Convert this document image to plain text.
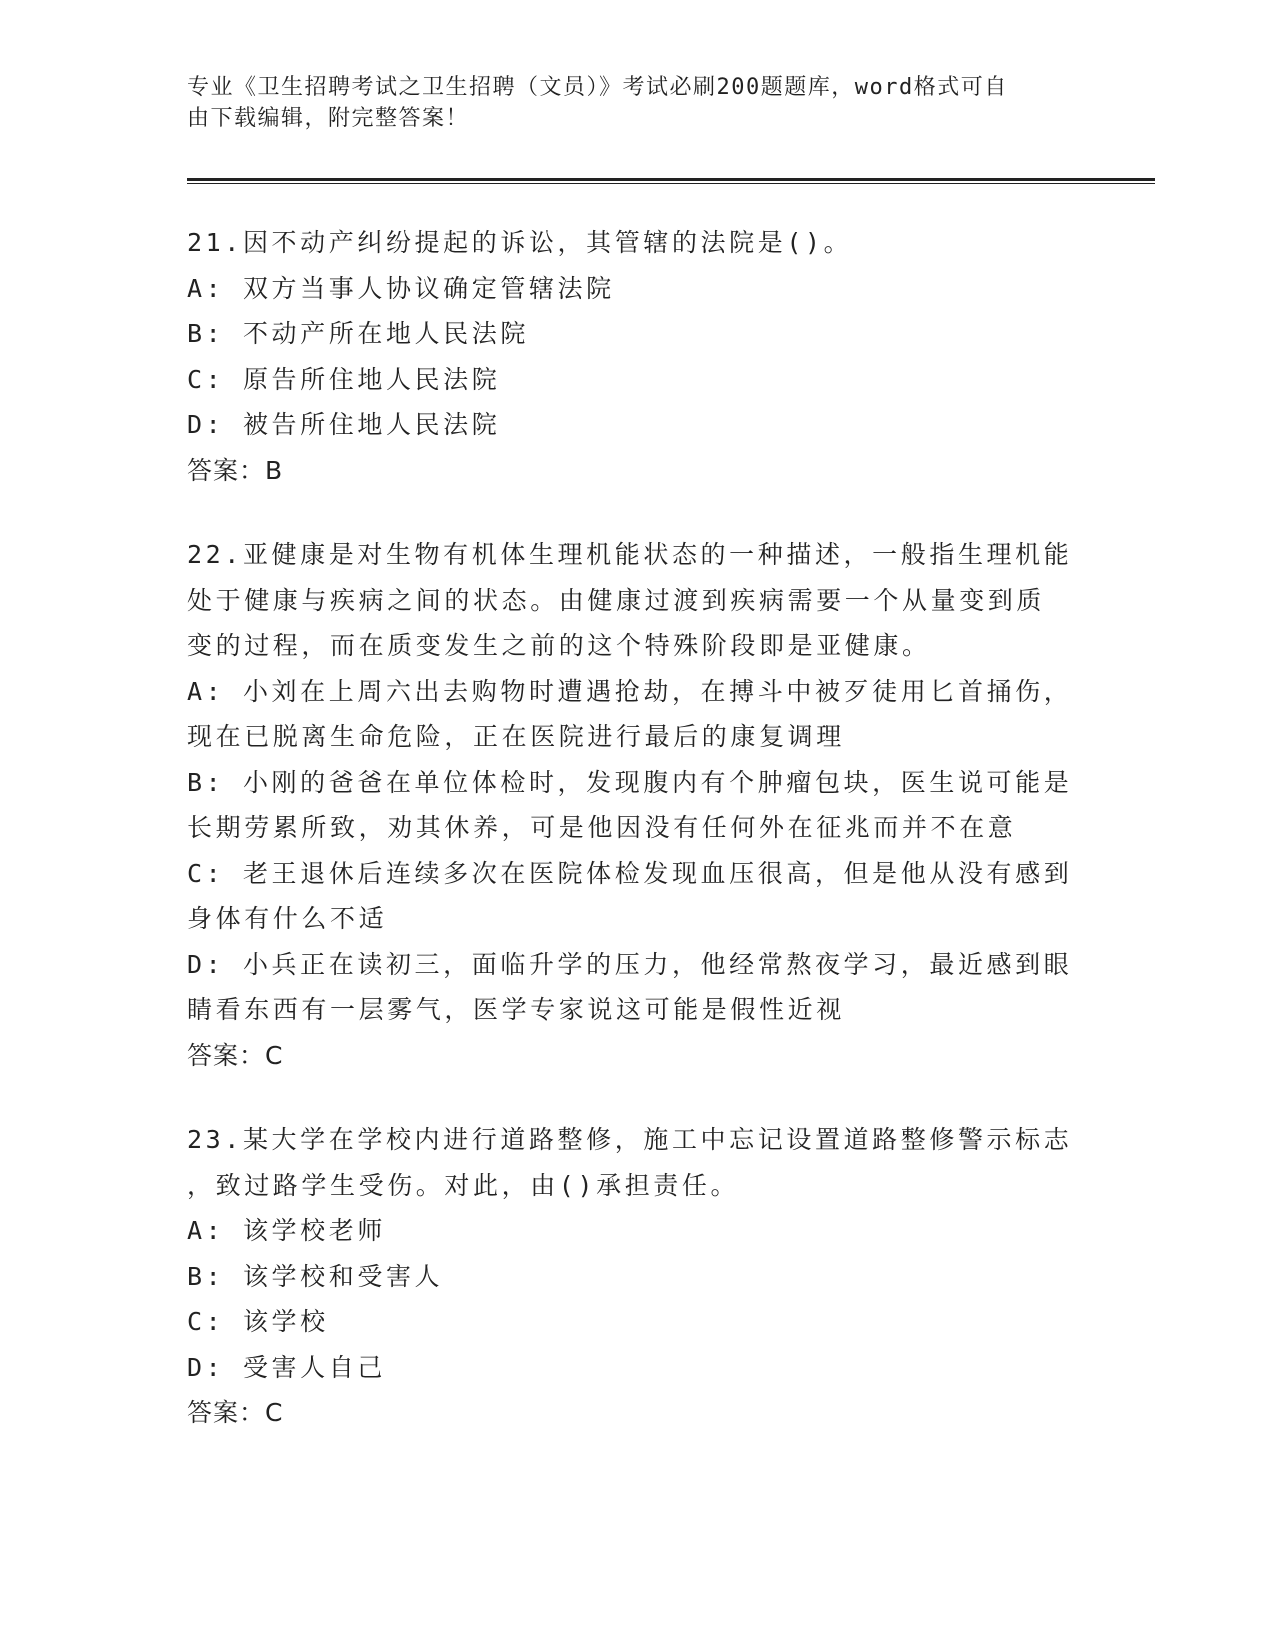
专业《卫生招聘考试之卫生招聘（文员）》考试必刷200题题库，word格式可自
由下载编辑，附完整答案！
21.因不动产纠纷提起的诉讼，其管辖的法院是()。
A: 双方当事人协议确定管辖法院
B: 不动产所在地人民法院
C: 原告所住地人民法院
D: 被告所住地人民法院
答案：B
22.亚健康是对生物有机体生理机能状态的一种描述，一般指生理机能
处于健康与疾病之间的状态。由健康过渡到疾病需要一个从量变到质
变的过程，而在质变发生之前的这个特殊阶段即是亚健康。
A: 小刘在上周六出去购物时遭遇抢劫，在搏斗中被歹徒用匕首捅伤，
现在已脱离生命危险，正在医院进行最后的康复调理
B: 小刚的爸爸在单位体检时，发现腹内有个肿瘤包块，医生说可能是
长期劳累所致，劝其休养，可是他因没有任何外在征兆而并不在意
C: 老王退休后连续多次在医院体检发现血压很高，但是他从没有感到
身体有什么不适
D: 小兵正在读初三，面临升学的压力，他经常熬夜学习，最近感到眼
睛看东西有一层雾气，医学专家说这可能是假性近视
答案：C
23.某大学在学校内进行道路整修，施工中忘记设置道路整修警示标志
，致过路学生受伤。对此，由()承担责任。
A: 该学校老师
B: 该学校和受害人
C: 该学校
D: 受害人自己
答案：C
